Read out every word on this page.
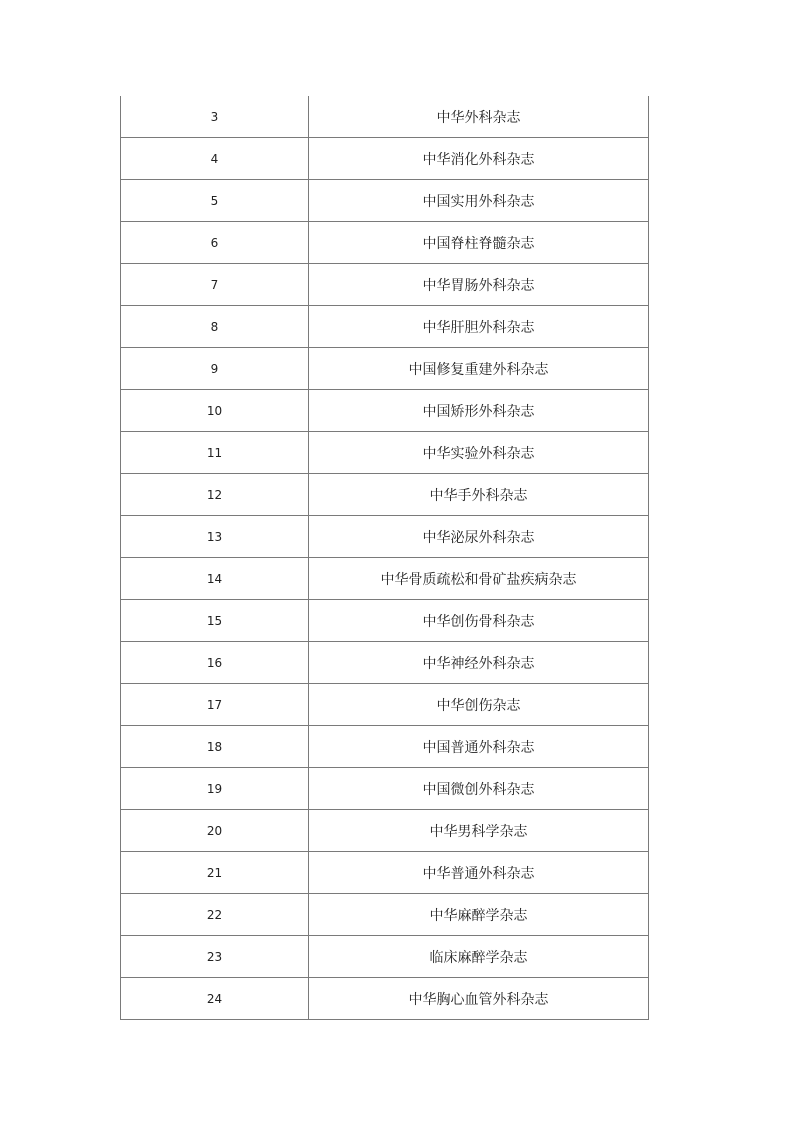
3	中华外科杂志
4	中华消化外科杂志
5	中国实用外科杂志
6	中国脊柱脊髓杂志
7	中华胃肠外科杂志
8	中华肝胆外科杂志
9	中国修复重建外科杂志
10	中国矫形外科杂志
11	中华实验外科杂志
12	中华手外科杂志
13	中华泌尿外科杂志
14	中华骨质疏松和骨矿盐疾病杂志
15	中华创伤骨科杂志
16	中华神经外科杂志
17	中华创伤杂志
18	中国普通外科杂志
19	中国微创外科杂志
20	中华男科学杂志
21	中华普通外科杂志
22	中华麻醉学杂志
23	临床麻醉学杂志
24	中华胸心血管外科杂志
